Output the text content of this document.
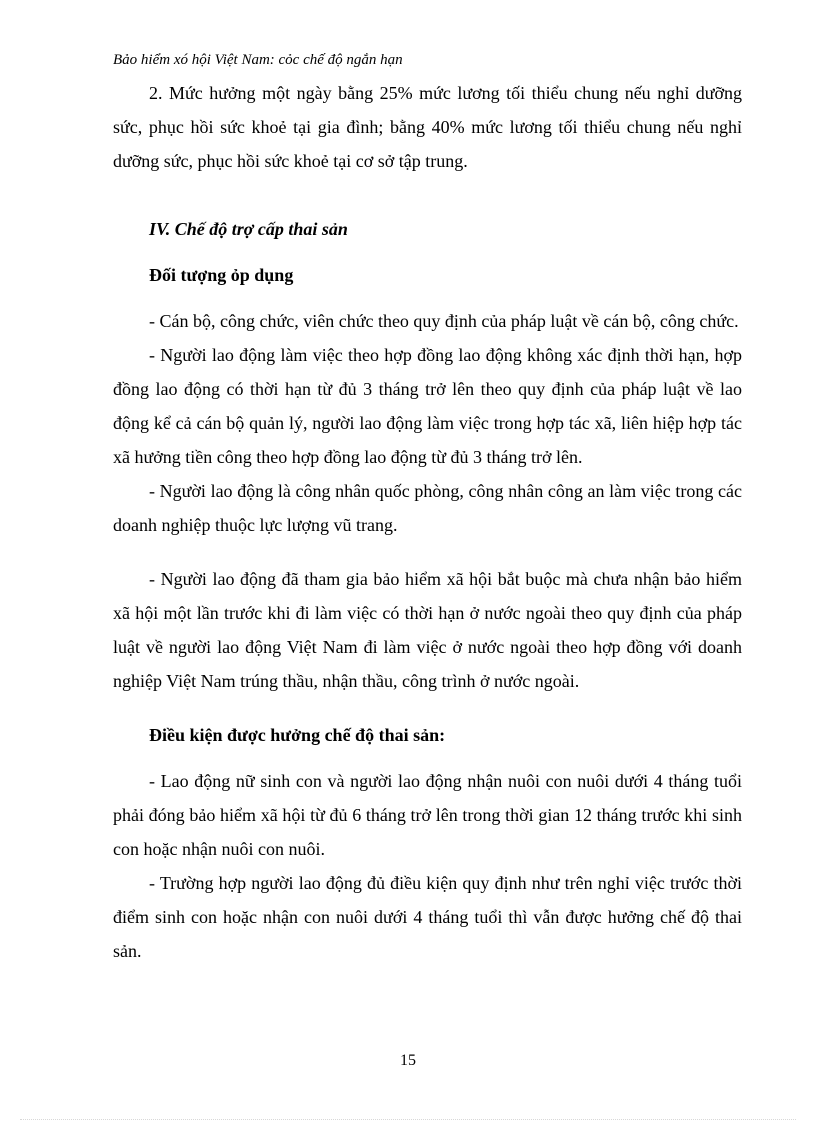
Bảo hiểm xó hội Việt Nam: cỏc chế độ ngắn hạn

2. Mức hưởng một ngày bằng 25% mức lương tối thiểu chung nếu nghỉ dưỡng sức, phục hồi sức khoẻ tại gia đình; bằng 40% mức lương tối thiểu chung nếu nghỉ dưỡng sức, phục hồi sức khoẻ tại cơ sở tập trung.

IV. Chế độ trợ cấp thai sản
Đối tượng ỏp dụng

- Cán bộ, công chức, viên chức theo quy định của pháp luật về cán bộ, công chức.

- Người lao động làm việc theo hợp đồng lao động không xác định thời hạn, hợp đồng lao động có thời hạn từ đủ 3 tháng trở lên theo quy định của pháp luật về lao động kể cả cán bộ quản lý, người lao động làm việc trong hợp tác xã, liên hiệp hợp tác xã hưởng tiền công theo hợp đồng lao động từ đủ 3 tháng trở lên.

- Người lao động là công nhân quốc phòng, công nhân công an làm việc trong các doanh nghiệp thuộc lực lượng vũ trang.

- Người lao động đã tham gia bảo hiểm xã hội bắt buộc mà chưa nhận bảo hiểm xã hội một lần trước khi đi làm việc có thời hạn ở nước ngoài theo quy định của pháp luật về người lao động Việt Nam đi làm việc ở nước ngoài theo hợp đồng với doanh nghiệp Việt Nam trúng thầu, nhận thầu, công trình ở nước ngoài.

Điều kiện được hưởng chế độ thai sản:

- Lao động nữ sinh con và người lao động nhận nuôi con nuôi dưới 4 tháng tuổi phải đóng bảo hiểm xã hội từ đủ 6 tháng trở lên trong thời gian 12 tháng trước khi sinh con hoặc nhận nuôi con nuôi.

- Trường hợp người lao động đủ điều kiện quy định như trên nghỉ việc trước thời điểm sinh con hoặc nhận con nuôi dưới 4 tháng tuổi thì vẫn được hưởng chế độ thai sản.

15
